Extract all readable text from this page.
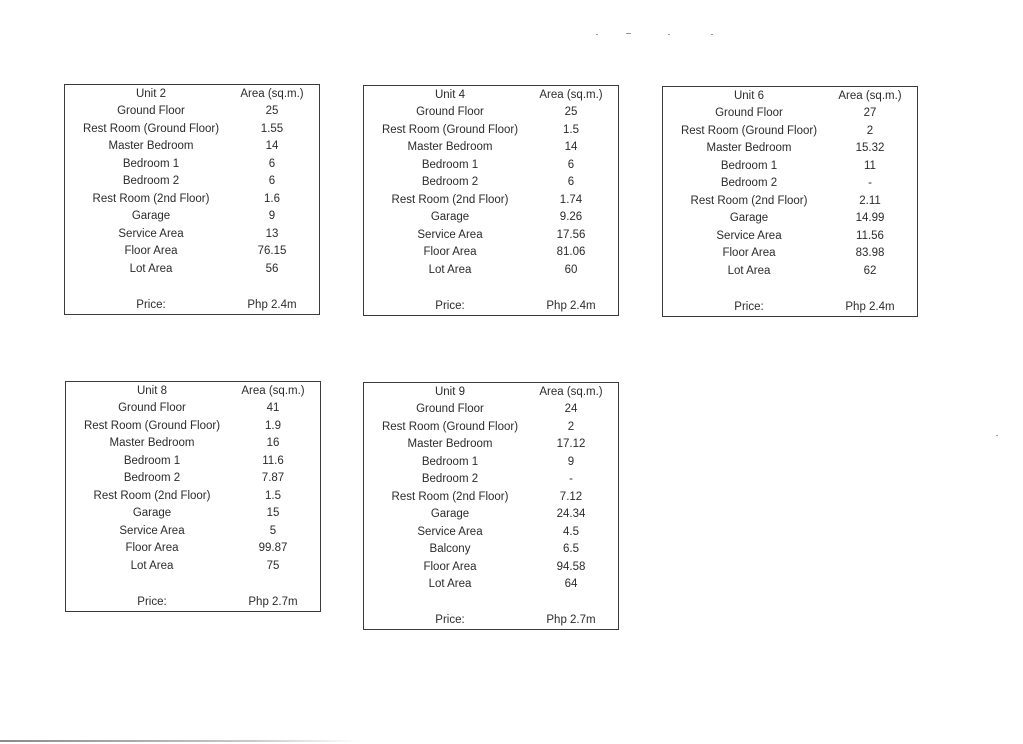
Unit 2	Area (sq.m.)
Ground Floor	25
Rest Room (Ground Floor)	1.55
Master Bedroom	14
Bedroom 1	6
Bedroom 2	6
Rest Room (2nd Floor)	1.6
Garage	9
Service Area	13
Floor Area	76.15
Lot Area	56
Price:	Php 2.4m
Unit 4	Area (sq.m.)
Ground Floor	25
Rest Room (Ground Floor)	1.5
Master Bedroom	14
Bedroom 1	6
Bedroom 2	6
Rest Room (2nd Floor)	1.74
Garage	9.26
Service Area	17.56
Floor Area	81.06
Lot Area	60
Price:	Php 2.4m
Unit 6	Area (sq.m.)
Ground Floor	27
Rest Room (Ground Floor)	2
Master Bedroom	15.32
Bedroom 1	11
Bedroom 2	-
Rest Room (2nd Floor)	2.11
Garage	14.99
Service Area	11.56
Floor Area	83.98
Lot Area	62
Price:	Php 2.4m
Unit 8	Area (sq.m.)
Ground Floor	41
Rest Room (Ground Floor)	1.9
Master Bedroom	16
Bedroom 1	11.6
Bedroom 2	7.87
Rest Room (2nd Floor)	1.5
Garage	15
Service Area	5
Floor Area	99.87
Lot Area	75
Price:	Php 2.7m
Unit 9	Area (sq.m.)
Ground Floor	24
Rest Room (Ground Floor)	2
Master Bedroom	17.12
Bedroom 1	9
Bedroom 2	-
Rest Room (2nd Floor)	7.12
Garage	24.34
Service Area	4.5
Balcony	6.5
Floor Area	94.58
Lot Area	64
Price:	Php 2.7m
